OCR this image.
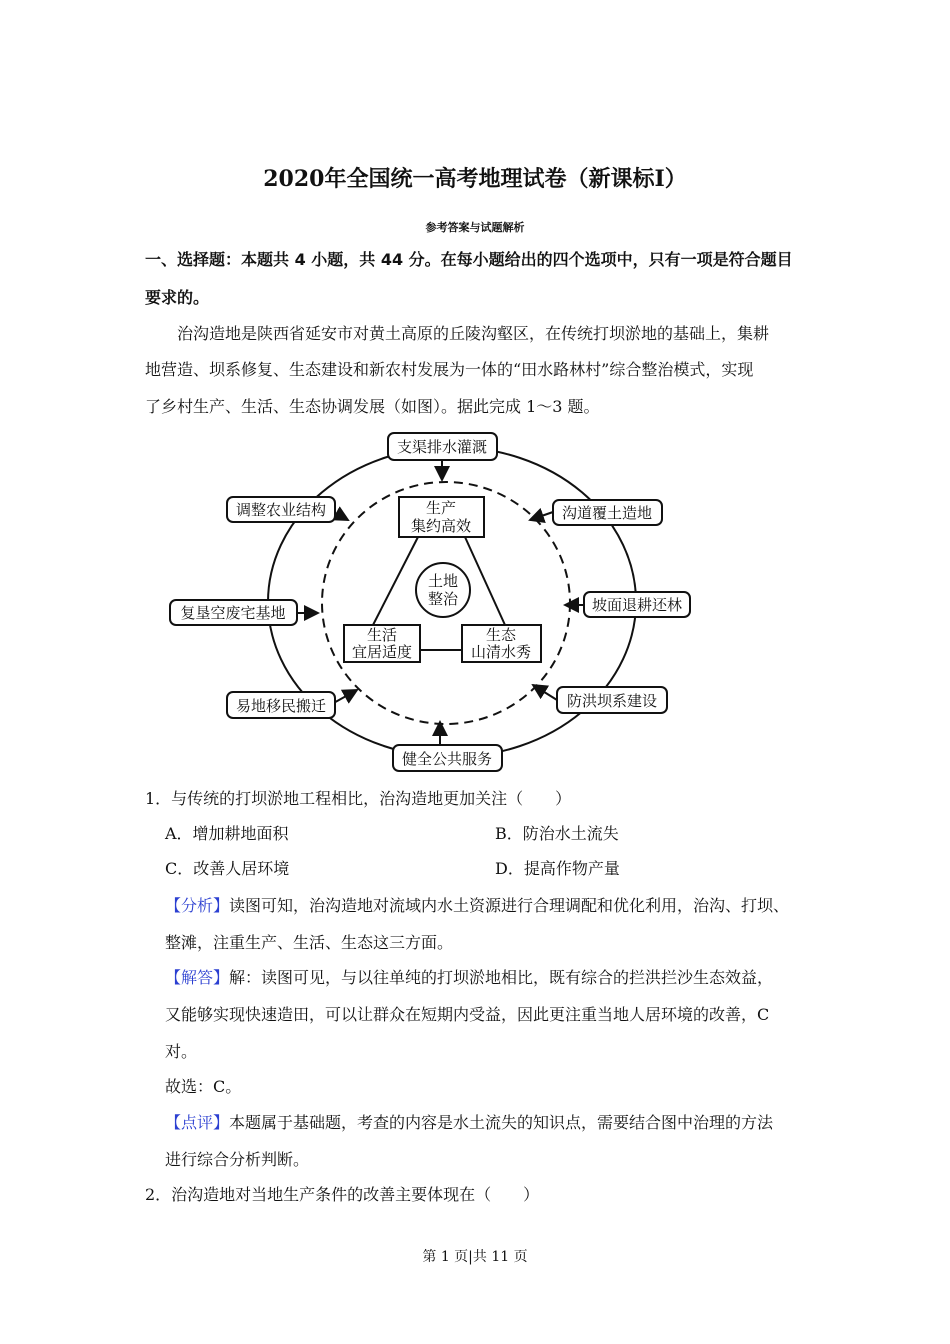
2020年全国统一高考地理试卷（新课标Ⅰ）
参考答案与试题解析
一、选择题：本题共 4 小题，共 44 分。在每小题给出的四个选项中，只有一项是符合题目
要求的。
治沟造地是陕西省延安市对黄土高原的丘陵沟壑区，在传统打坝淤地的基础上，集耕
地营造、坝系修复、生态建设和新农村发展为一体的“田水路林村”综合整治模式，实现
了乡村生产、生活、生态协调发展（如图）。据此完成 1～3 题。
土地
整治
生产
集约高效
生活
宜居适度
生态
山清水秀
支渠排水灌溉
沟道覆土造地
坡面退耕还林
防洪坝系建设
健全公共服务
易地移民搬迁
复垦空废宅基地
调整农业结构
1．与传统的打坝淤地工程相比，治沟造地更加关注（　　）
A．增加耕地面积	B．防治水土流失
C．改善人居环境	D．提高作物产量
【分析】读图可知，治沟造地对流域内水土资源进行合理调配和优化利用，治沟、打坝、
整滩，注重生产、生活、生态这三方面。
【解答】解：读图可见，与以往单纯的打坝淤地相比，既有综合的拦洪拦沙生态效益，
又能够实现快速造田，可以让群众在短期内受益，因此更注重当地人居环境的改善，C
对。
故选：C。
【点评】本题属于基础题，考查的内容是水土流失的知识点，需要结合图中治理的方法
进行综合分析判断。
2．治沟造地对当地生产条件的改善主要体现在（　　）
第 1 页|共 11 页
